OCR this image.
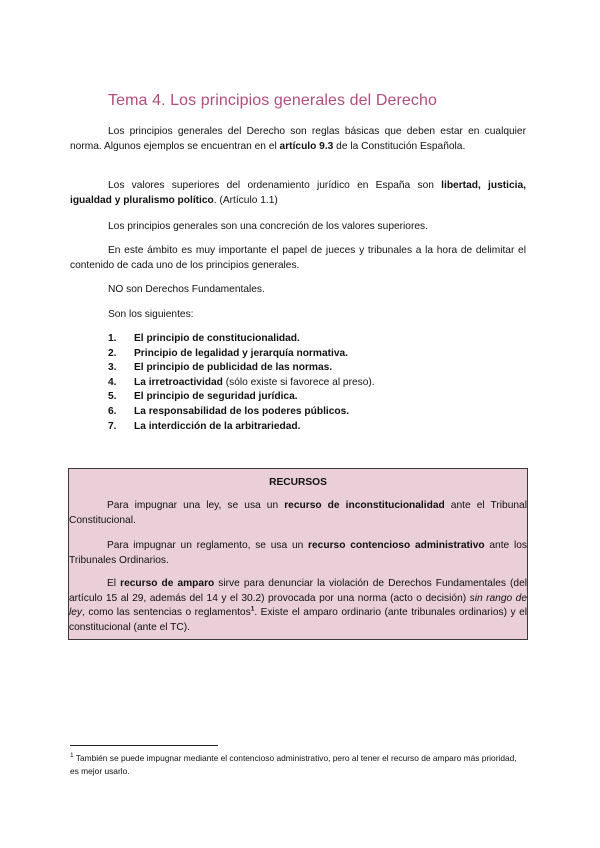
Tema 4. Los principios generales del Derecho

Los principios generales del Derecho son reglas básicas que deben estar en cualquier norma. Algunos ejemplos se encuentran en el artículo 9.3 de la Constitución Española.

Los valores superiores del ordenamiento jurídico en España son libertad, justicia, igualdad y pluralismo político. (Artículo 1.1)

Los principios generales son una concreción de los valores superiores.

En este ámbito es muy importante el papel de jueces y tribunales a la hora de delimitar el contenido de cada uno de los principios generales.

NO son Derechos Fundamentales.

Son los siguientes:

1.	El principio de constitucionalidad.
2.	Principio de legalidad y jerarquía normativa.
3.	El principio de publicidad de las normas.
4.	La irretroactividad (sólo existe si favorece al preso).
5.	El principio de seguridad jurídica.
6.	La responsabilidad de los poderes públicos.
7.	La interdicción de la arbitrariedad.
RECURSOS

Para impugnar una ley, se usa un recurso de inconstitucionalidad ante el Tribunal Constitucional.

Para impugnar un reglamento, se usa un recurso contencioso administrativo ante los Tribunales Ordinarios.

El recurso de amparo sirve para denunciar la violación de Derechos Fundamentales (del artículo 15 al 29, además del 14 y el 30.2) provocada por una norma (acto o decisión) sin rango de ley, como las sentencias o reglamentos$^1$. Existe el amparo ordinario (ante tribunales ordinarios) y el constitucional (ante el TC).

$^1$ También se puede impugnar mediante el contencioso administrativo, pero al tener el recurso de amparo más prioridad, es mejor usarlo.
